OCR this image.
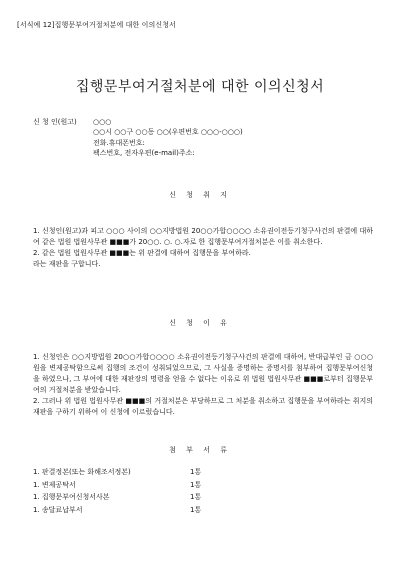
[서식예 12]집행문부여거절처분에 대한 이의신청서
집행문부여거절처분에 대한 이의신청서
신 청 인(원고)	○○○
○○시 ○○구 ○○동 ○○(우편번호 ○○○-○○○)
전화.휴대폰번호:
팩스번호, 전자우편(e-mail)주소:
신 청 취 지

1. 신청인(원고)과 피고 ○○○ 사이의 ○○지방법원 20○○가합○○○○ 소유권이전등기청구사건의 판결에 대하여 같은 법원 법원사무관 ■■■가 20○○. ○. ○.자로 한 집행문부여거절처분은 이를 취소한다.

2. 같은 법원 법원사무관 ■■■는 위 판결에 대하여 집행문을 부여하라.

라는 재판을 구합니다.

신 청 이 유

1. 신청인은 ○○지방법원 20○○가합○○○○ 소유권이전등기청구사건의 판결에 대하여, 반대급부인 금 ○○○원을 변제공탁함으로써 집행의 조건이 성취되었으므로, 그 사실을 증명하는 증명서를 첨부하여 집행문부여신청을 하였으나, 그 부여에 대한 재판장의 명령을 얻을 수 없다는 이유로 위 법원 법원사무관 ■■■로부터 집행문부여의 거절처분을 받았습니다.

2. 그러나 위 법원 법원사무관 ■■■의 거절처분은 부당하므로 그 처분을 취소하고 집행문을 부여하라는 취지의 재판을 구하기 위하여 이 신청에 이르렀습니다.

첨 부 서 류
1. 판결정본(또는 화해조서정본)	1통
1. 변제공탁서	1통
1. 집행문부여신청서사본	1통
1. 송달료납부서	1통
